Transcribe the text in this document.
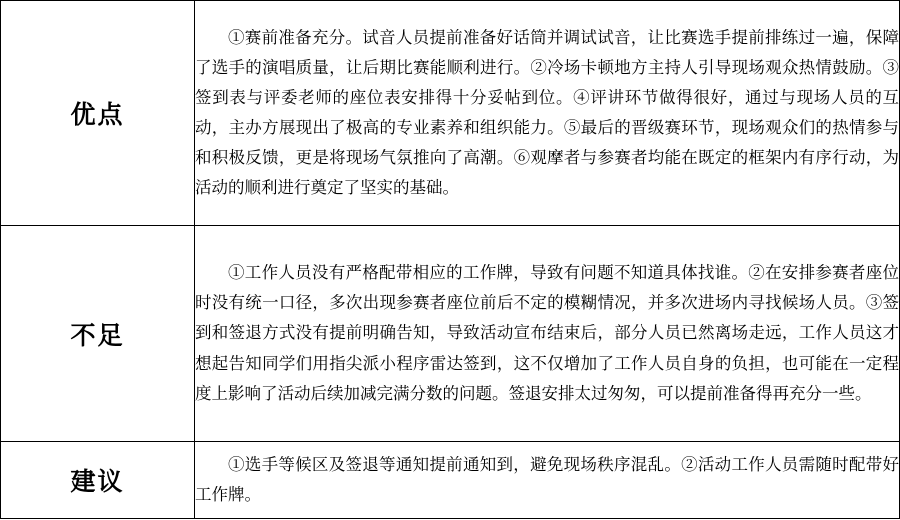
优点	①赛前准备充分。试音人员提前准备好话筒并调试试音，让比赛选手提前排练过一遍，保障了选手的演唱质量，让后期比赛能顺利进行。②冷场卡顿地方主持人引导现场观众热情鼓励。③签到表与评委老师的座位表安排得十分妥帖到位。④评讲环节做得很好，通过与现场人员的互动，主办方展现出了极高的专业素养和组织能力。⑤最后的晋级赛环节，现场观众们的热情参与和积极反馈，更是将现场气氛推向了高潮。⑥观摩者与参赛者均能在既定的框架内有序行动，为活动的顺利进行奠定了坚实的基础。

不足	①工作人员没有严格配带相应的工作牌，导致有问题不知道具体找谁。②在安排参赛者座位时没有统一口径，多次出现参赛者座位前后不定的模糊情况，并多次进场内寻找候场人员。③签到和签退方式没有提前明确告知，导致活动宣布结束后，部分人员已然离场走远，工作人员这才想起告知同学们用指尖派小程序雷达签到，这不仅增加了工作人员自身的负担，也可能在一定程度上影响了活动后续加减完满分数的问题。签退安排太过匆匆，可以提前准备得再充分一些。

建议	①选手等候区及签退等通知提前通知到，避免现场秩序混乱。②活动工作人员需随时配带好工作牌。
